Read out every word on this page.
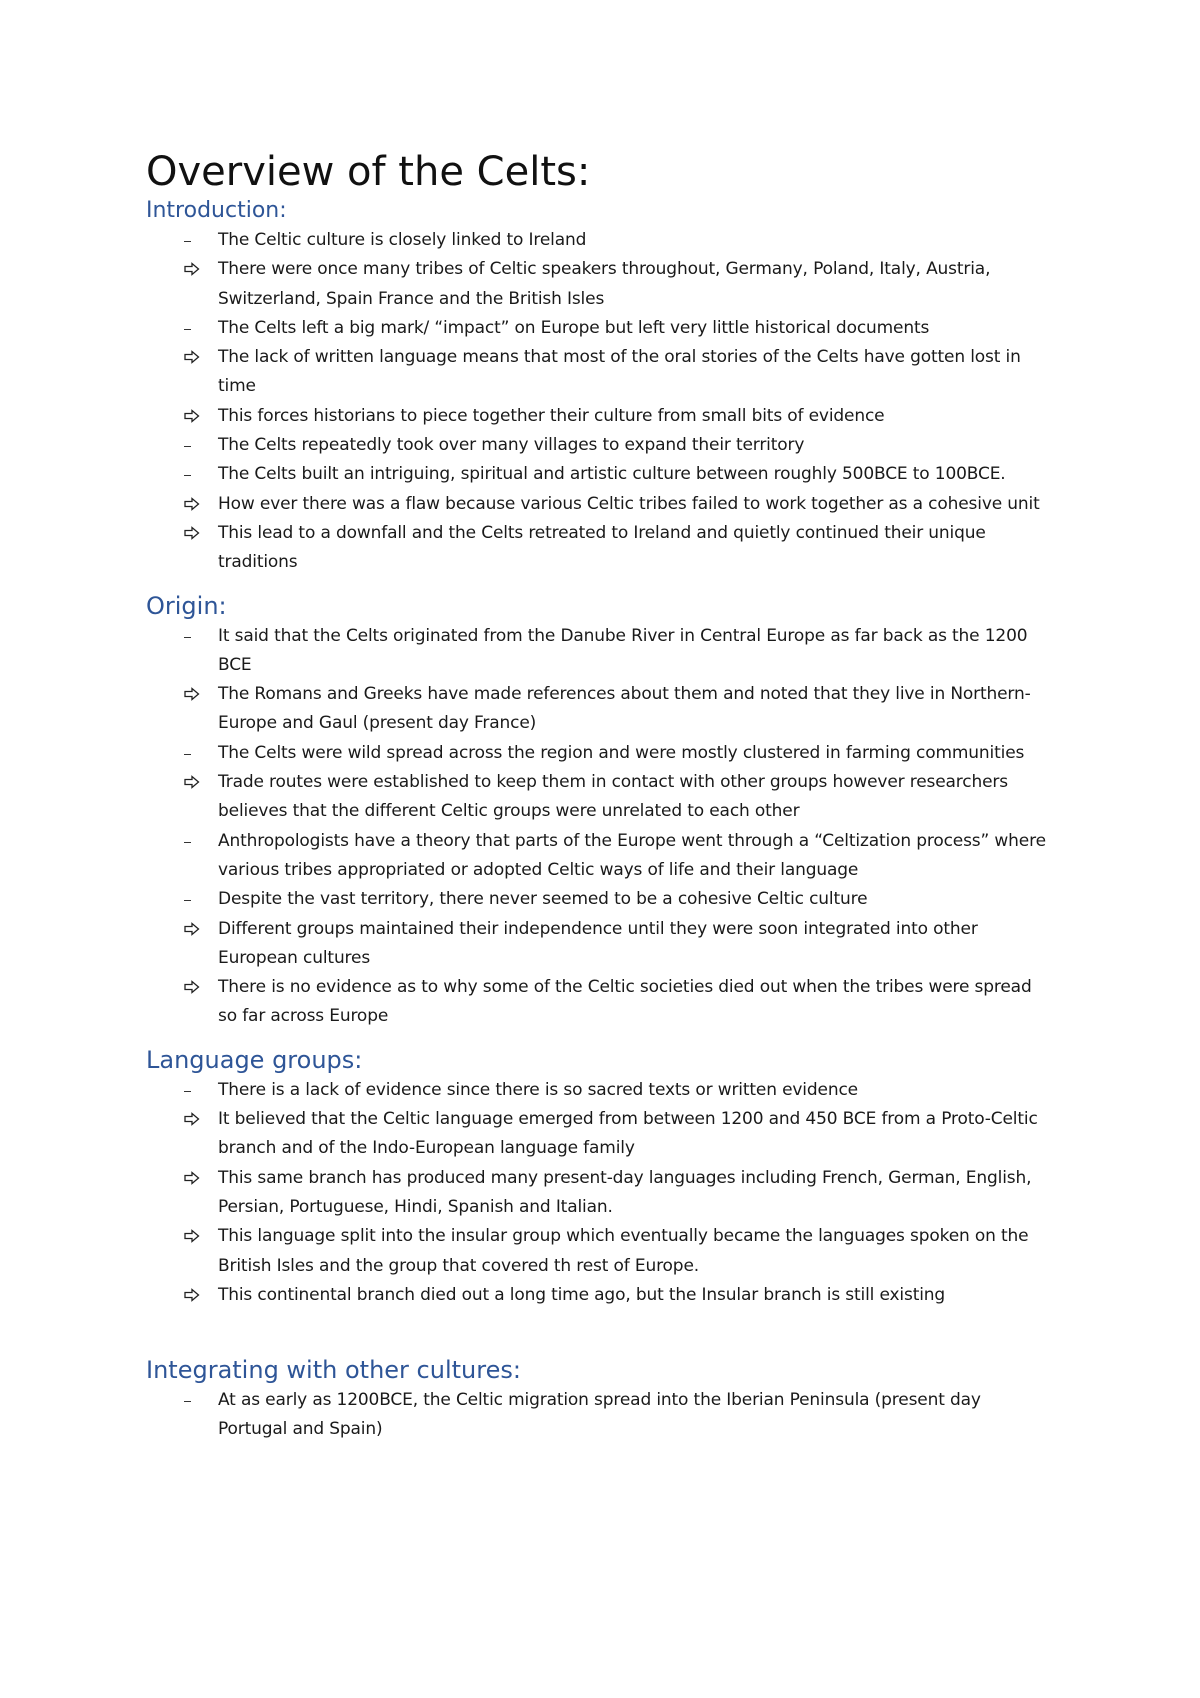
Overview of the Celts:
Introduction:
The Celtic culture is closely linked to Ireland
There were once many tribes of Celtic speakers throughout, Germany, Poland, Italy, Austria, Switzerland, Spain France and the British Isles
The Celts left a big mark/ “impact” on Europe but left very little historical documents
The lack of written language means that most of the oral stories of the Celts have gotten lost in time
This forces historians to piece together their culture from small bits of evidence
The Celts repeatedly took over many villages to expand their territory
The Celts built an intriguing, spiritual and artistic culture between roughly 500BCE to 100BCE.
How ever there was a flaw because various Celtic tribes failed to work together as a cohesive unit
This lead to a downfall and the Celts retreated to Ireland and quietly continued their unique traditions
Origin:
It said that the Celts originated from the Danube River in Central Europe as far back as the 1200 BCE
The Romans and Greeks have made references about them and noted that they live in Northern-Europe and Gaul (present day France)
The Celts were wild spread across the region and were mostly clustered in farming communities
Trade routes were established to keep them in contact with other groups however researchers believes that the different Celtic groups were unrelated to each other
Anthropologists have a theory that parts of the Europe went through a “Celtization process” where various tribes appropriated or adopted Celtic ways of life and their language
Despite the vast territory, there never seemed to be a cohesive Celtic culture
Different groups maintained their independence until they were soon integrated into other European cultures
There is no evidence as to why some of the Celtic societies died out when the tribes were spread so far across Europe
Language groups:
There is a lack of evidence since there is so sacred texts or written evidence
It believed that the Celtic language emerged from between 1200 and 450 BCE from a Proto-Celtic branch and of the Indo-European language family
This same branch has produced many present-day languages including French, German, English, Persian, Portuguese, Hindi, Spanish and Italian.
This language split into the insular group which eventually became the languages spoken on the British Isles and the group that covered th rest of Europe.
This continental branch died out a long time ago, but the Insular branch is still existing
Integrating with other cultures:
At as early as 1200BCE, the Celtic migration spread into the Iberian Peninsula (present day Portugal and Spain)
